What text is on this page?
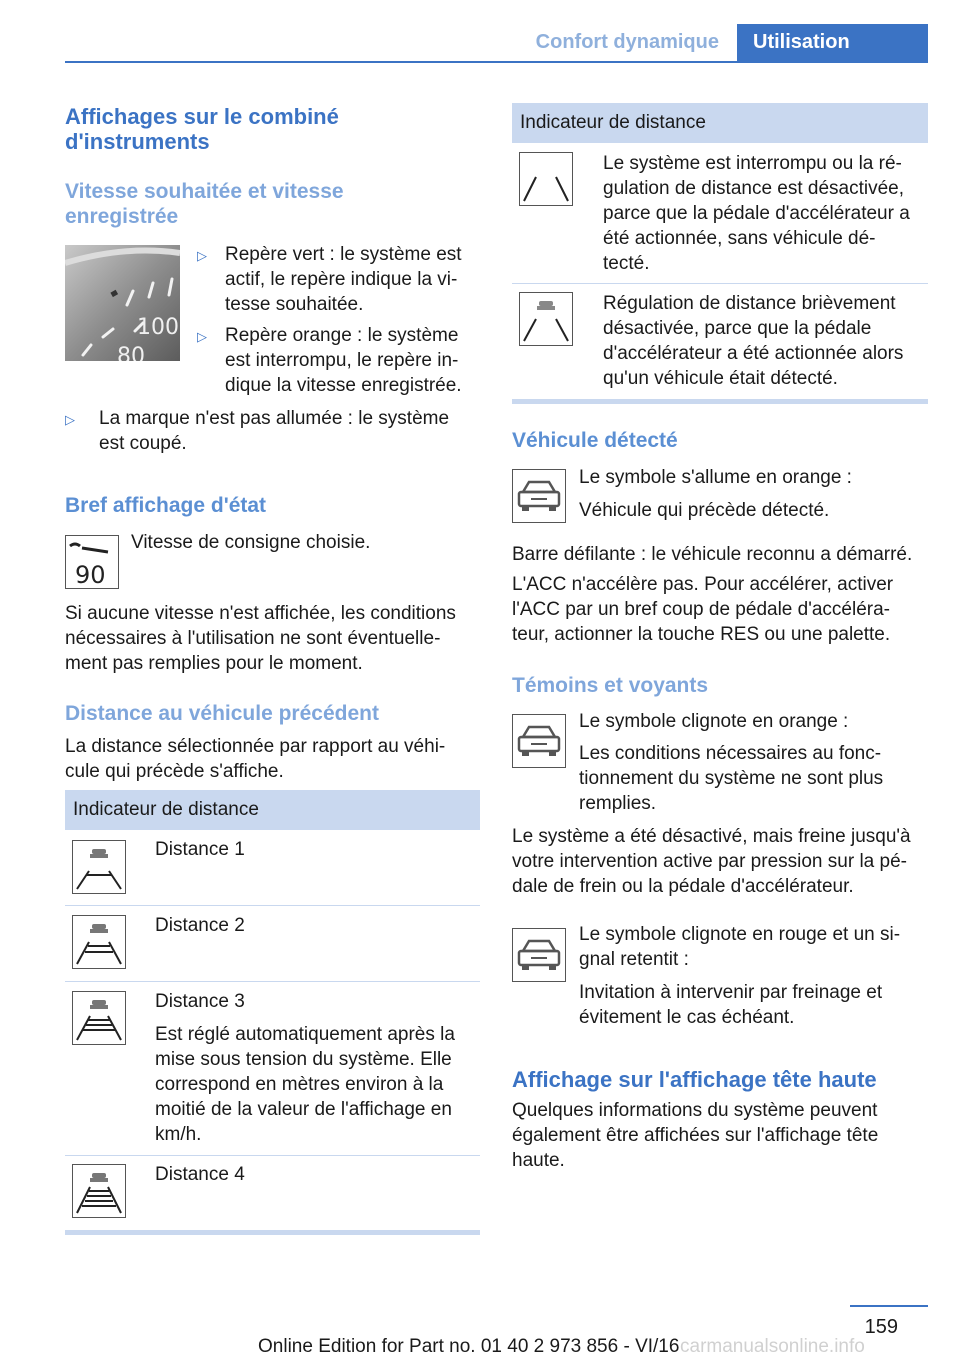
Confort dynamique	Utilisation
Affichages sur le combiné d'instruments
Vitesse souhaitée et vitesse enregistrée
100
80
▷ Repère vert : le système est actif, le repère indique la vi- tesse souhaitée.
▷ Repère orange : le système est interrompu, le repère in- dique la vitesse enregistrée.
▷ La marque n'est pas allumée : le système est coupé.
Bref affichage d'état
90
Vitesse de consigne choisie.
Si aucune vitesse n'est affichée, les conditions nécessaires à l'utilisation ne sont éventuelle- ment pas remplies pour le moment.
Distance au véhicule précédent
La distance sélectionnée par rapport au véhi- cule qui précède s'affiche.
Indicateur de distance
Distance 1
Distance 2
Distance 3
Est réglé automatiquement après la mise sous tension du système. Elle correspond en mètres environ à la moitié de la valeur de l'affichage en km/h.
Distance 4
Indicateur de distance
Le système est interrompu ou la ré- gulation de distance est désactivée, parce que la pédale d'accélérateur a été actionnée, sans véhicule dé- tecté.
Régulation de distance brièvement désactivée, parce que la pédale d'accélérateur a été actionnée alors qu'un véhicule était détecté.
Véhicule détecté
Le symbole s'allume en orange :
Véhicule qui précède détecté.
Barre défilante : le véhicule reconnu a démarré.
L'ACC n'accélère pas. Pour accélérer, activer l'ACC par un bref coup de pédale d'accéléra- teur, actionner la touche RES ou une palette.
Témoins et voyants
Le symbole clignote en orange :
Les conditions nécessaires au fonc- tionnement du système ne sont plus remplies.
Le système a été désactivé, mais freine jusqu'à votre intervention active par pression sur la pé- dale de frein ou la pédale d'accélérateur.
Le symbole clignote en rouge et un si- gnal retentit :
Invitation à intervenir par freinage et évitement le cas échéant.
Affichage sur l'affichage tête haute
Quelques informations du système peuvent également être affichées sur l'affichage tête haute.
159
Online Edition for Part no. 01 40 2 973 856 - VI/16 carmanualsonline.info
